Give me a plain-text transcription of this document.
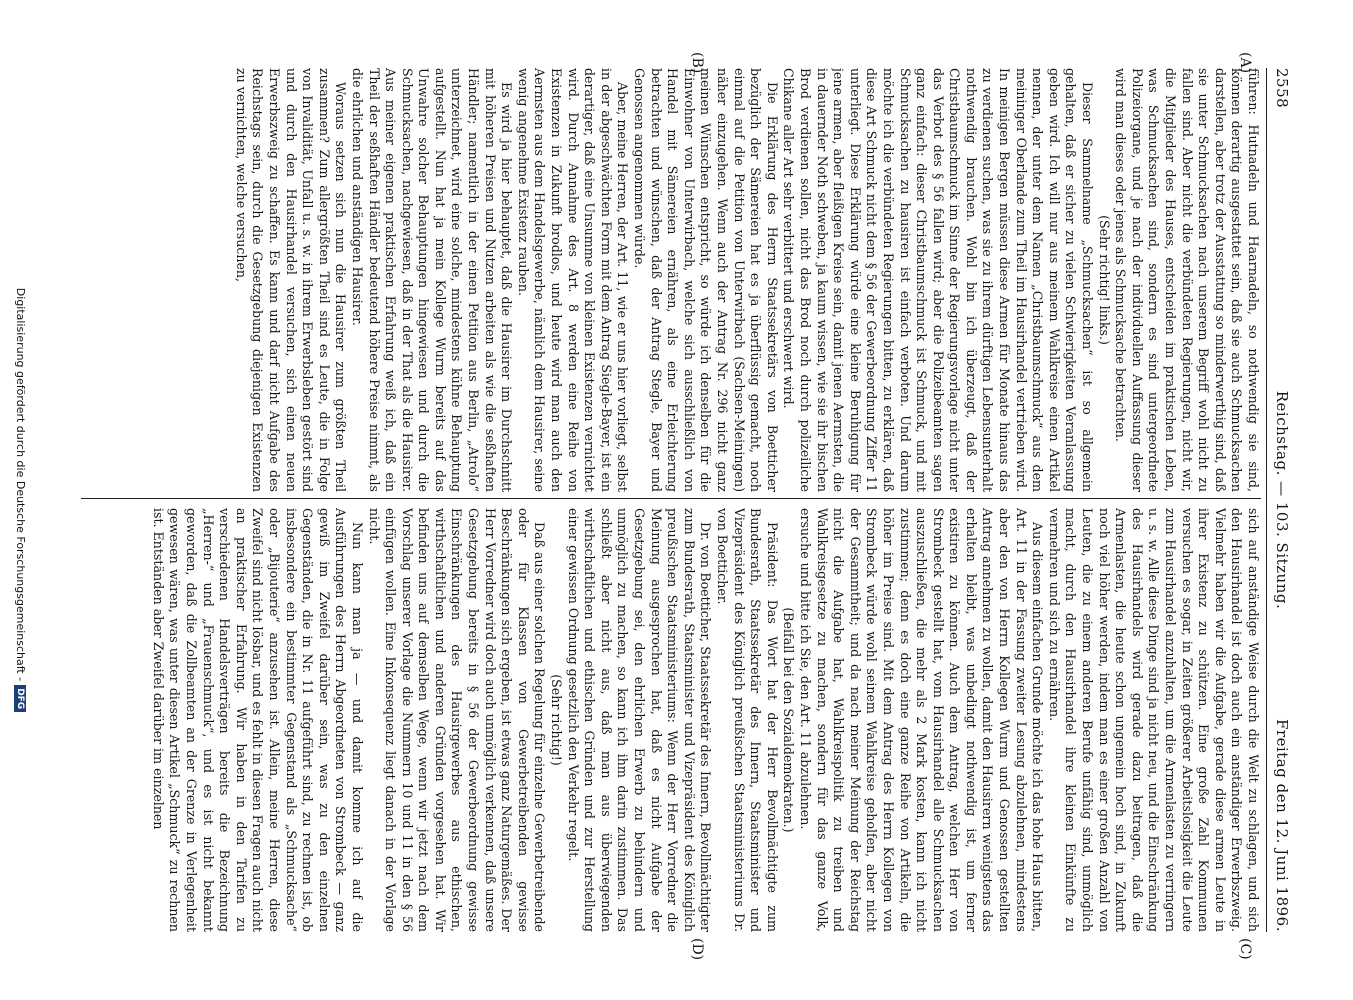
2558
Reichstag. — 103. Sitzung.
Freitag den 12. Juni 1896.
(A)
(B)
(C)
(D)

führen: Hutnadeln und Haarnadeln, so nothwendig sie sind, können derartig ausgestattet sein, daß sie auch Schmucksachen darstellen, aber trotz der Ausstattung so minderwerthig sind, daß sie unter Schmucksachen nach unserem Begriff wohl nicht zu fallen sind. Aber nicht die verbündeten Regierungen, nicht wir, die Mitglieder des Hauses, entscheiden im praktischen Leben, was Schmucksachen sind, sondern es sind untergeordnete Polizeiorgane, und je nach der individuellen Auffassung dieser wird man dieses oder jenes als Schmucksache betrachten.

(Sehr richtig! links.)

Dieser Sammelname „Schmucksachen“ ist so allgemein gehalten, daß er sicher zu vielen Schwierigkeiten Veranlassung geben wird. Ich will nur aus meinem Wahlkreise einen Artikel nennen, der unter dem Namen „Christbaumschmuck“ aus dem meininger Oberlande zum Theil im Hausirhandel vertrieben wird. In meinigen Bergen müssen diese Armen für Monate hinaus das zu verdienen suchen, was sie zu ihrem dürftigen Lebensunterhalt nothwendig brauchen. Wohl bin ich überzeugt, daß der Christbaumschmuck im Sinne der Regierungsvorlage nicht unter das Verbot des § 56 fallen wird; aber die Polizeibeamten sagen ganz einfach: dieser Christbaumschmuck ist Schmuck, und mit Schmucksachen zu hausiren ist einfach verboten. Und darum möchte ich die verbündeten Regierungen bitten, zu erklären, daß diese Art Schmuck nicht dem § 56 der Gewerbeordnung Ziffer 11 unterliegt. Diese Erklärung würde eine kleine Beruhigung für jene armen, aber fleißigen Kreise sein, damit jenen Aermsten, die in dauernder Noth schweben, ja kaum wissen, wie sie ihr bischen Brod verdienen sollen, nicht das Brod noch durch polizeiliche Chikane aller Art sehr verbittert und erschwert wird.

Die Erklärung des Herrn Staatssekretärs von Boetticher bezüglich der Sämereien hat es ja überflüssig gemacht, noch einmal auf die Petition von Unterwirbach (Sachsen-Meiningen) näher einzugehen. Wenn auch der Antrag Nr. 296 nicht ganz meinen Wünschen entspricht, so würde ich denselben für die Einwohner von Unterwirbach, welche sich ausschließlich von Handel mit Sämereien ernähren, als eine Erleichterung betrachten und wünschen, daß der Antrag Stegle, Bayer und Genossen angenommen würde.

Aber, meine Herren, der Art. 11, wie er uns hier vorliegt, selbst in der abgeschwächten Form mit dem Antrag Siegle-Bayer, ist ein derartiger, daß eine Unsumme von kleinen Existenzen vernichtet wird. Durch Annahme des Art. 8 werden eine Reihe von Existenzen in Zukunft brodlos, und heute wird man auch den Aermsten aus dem Handelsgewerbe, nämlich dem Hausirer, seine wenig angenehme Existenz rauben.

Es wird ja hier behauptet, daß die Hausirer im Durchschnitt mit höheren Preisen und Nutzen arbeiten als wie die seßhaften Händler; namentlich in der einen Petition aus Berlin, „Atrolo“ unterzeichnet, wird eine solche, mindestens kühne Behauptung aufgestellt. Nun hat ja mein Kollege Wurm bereits auf das Unwahre solcher Behauptungen hingewiesen und durch die Schmucksachen, nachgewiesen, daß in der That als die Hausirer. Aus meiner eigenen praktischen Erfahrung weiß ich, daß ein Theil der seßhaften Händler bedeutend höhere Preise nimmt, als die ehrlichen und anständigen Hausirer.

Woraus setzen sich nun die Hausirer zum größten Theil zusammen? Zum allergrößten Theil sind es Leute, die in Folge von Invalidität, Unfall u. s. w. in ihrem Erwerbsleben gestört sind und durch den Hausirhandel versuchen, sich einen neuen Erwerbszweig zu schaffen. Es kann und darf nicht Aufgabe des Reichstags sein, durch die Gesetzgebung diejenigen Existenzen zu vernichten, welche versuchen,

sich auf anständige Weise durch die Welt zu schlagen, und sich den Hausirhandel ist doch auch ein anständiger Erwerbszweig. Vielmehr haben wir die Aufgabe, gerade diese armen Leute in ihrer Existenz zu schützen. Eine große Zahl Kommunen versuchen es sogar, in Zeiten größerer Arbeitslosigkeit die Leute zum Hausirhandel anzuhalten, um die Armenlasten zu verringern u. s. w. Alle diese Dinge sind ja nicht neu, und die Einschränkung des Hausirhandels wird gerade dazu beitragen, daß die Armenlasten, die heute schon ungemein hoch sind, in Zukunft noch viel höher werden, indem man es einer großen Anzahl von Leuten, die zu einem anderen Berufe unfähig sind, unmöglich macht, durch den Hausirhandel ihre kleinen Einkünfte zu vermehren und sich zu ernähren.

Aus diesem einfachen Grunde möchte ich das hohe Haus bitten, Art. 11 in der Fassung zweiter Lesung abzulehnen, mindestens aber den von Herrn Kollegen Wurm und Genossen gestellten Antrag annehmen zu wollen, damit den Hausirern wenigstens das erhalten bleibt, was unbedingt nothwendig ist, um ferner existiren zu können. Auch dem Antrag, welchen Herr von Strombeck gestellt hat, vom Hausirhandel alle Schmucksachen auszuschließen, die mehr als 2 Mark kosten, kann ich nicht zustimmen; denn es doch eine ganze Reihe von Artikeln, die höher im Preise sind. Mit dem Antrag des Herrn Kollegen von Strombeck würde wohl seinem Wahlkreise geholfen, aber nicht der Gesammtheit; und da nach meiner Meinung der Reichstag nicht die Aufgabe hat, Wahlkreispolitik zu treiben und Wahlkreisgesetze zu machen, sondern für das ganze Volk, ersuche und bitte ich Sie, den Art. 11 abzulehnen.

(Beifall bei den Sozialdemokraten.)

Präsident: Das Wort hat der Herr Bevollmächtigte zum Bundesrath, Staatssekretär des Innern, Staatsminister und Vizepräsident des Königlich preußischen Staatsministeriums Dr. von Boetticher.

Dr. von Boetticher, Staatssekretär des Innern, Bevollmächtigter zum Bundesrath, Staatsminister und Vizepräsident des Königlich preußischen Staatsministeriums: Wenn der Herr Vorredner die Meinung ausgesprochen hat, daß es nicht Aufgabe der Gesetzgebung sei, den ehrlichen Erwerb zu behindern und unmöglich zu machen, so kann ich ihm darin zustimmen. Das schließt aber nicht aus, daß man aus überwiegenden wirthschaftlichen und ethischen Gründen und zur Herstellung einer gewissen Ordnung gesetzlich den Verkehr regelt.

(Sehr richtig!)

Daß aus einer solchen Regelung für einzelne Gewerbetreibende oder für Klassen von Gewerbetreibenden gewisse Beschränkungen sich ergeben, ist etwas ganz Naturgemäßes. Der Herr Vorredner wird doch auch unmöglich verkennen, daß unsere Gesetzgebung bereits in § 56 der Gewerbeordnung gewisse Einschränkungen des Hausirgewerbes aus ethischen, wirthschaftlichen und anderen Gründen vorgesehen hat. Wir befinden uns auf demselben Wege, wenn wir jetzt nach dem Vorschlag unserer Vorlage die Nummern 10 und 11 in den § 56 einfügen wollen. Eine Inkonsequenz liegt danach in der Vorlage nicht.

Nun kann man ja — und damit komme ich auf die Ausführungen des Herrn Abgeordneten von Strombeck — ganz gewiß im Zweifel darüber sein, was zu den einzelnen Gegenständen, die in Nr. 11 aufgeführt sind, zu rechnen ist, ob insbesondere ein bestimmter Gegenstand als „Schmucksache“ oder „Bijouterie“ anzusehen ist. Allein, meine Herren, diese Zweifel sind nicht lösbar, und es fehlt in diesen Fragen auch nicht an praktischer Erfahrung. Wir haben in den Tarifen zu verschiedenen Handelsverträgen bereits die Bezeichnung „Herren-“ und „Frauenschmuck“, und es ist nicht bekannt geworden, daß die Zollbeamten an der Grenze in Verlegenheit gewesen wären, was unter diesen Artikel „Schmuck“ zu rechnen ist. Entständen aber Zweifel darüber im einzelnen

Digitalisierung gefördert durch die Deutsche Forschungsgemeinschaft -DFG
